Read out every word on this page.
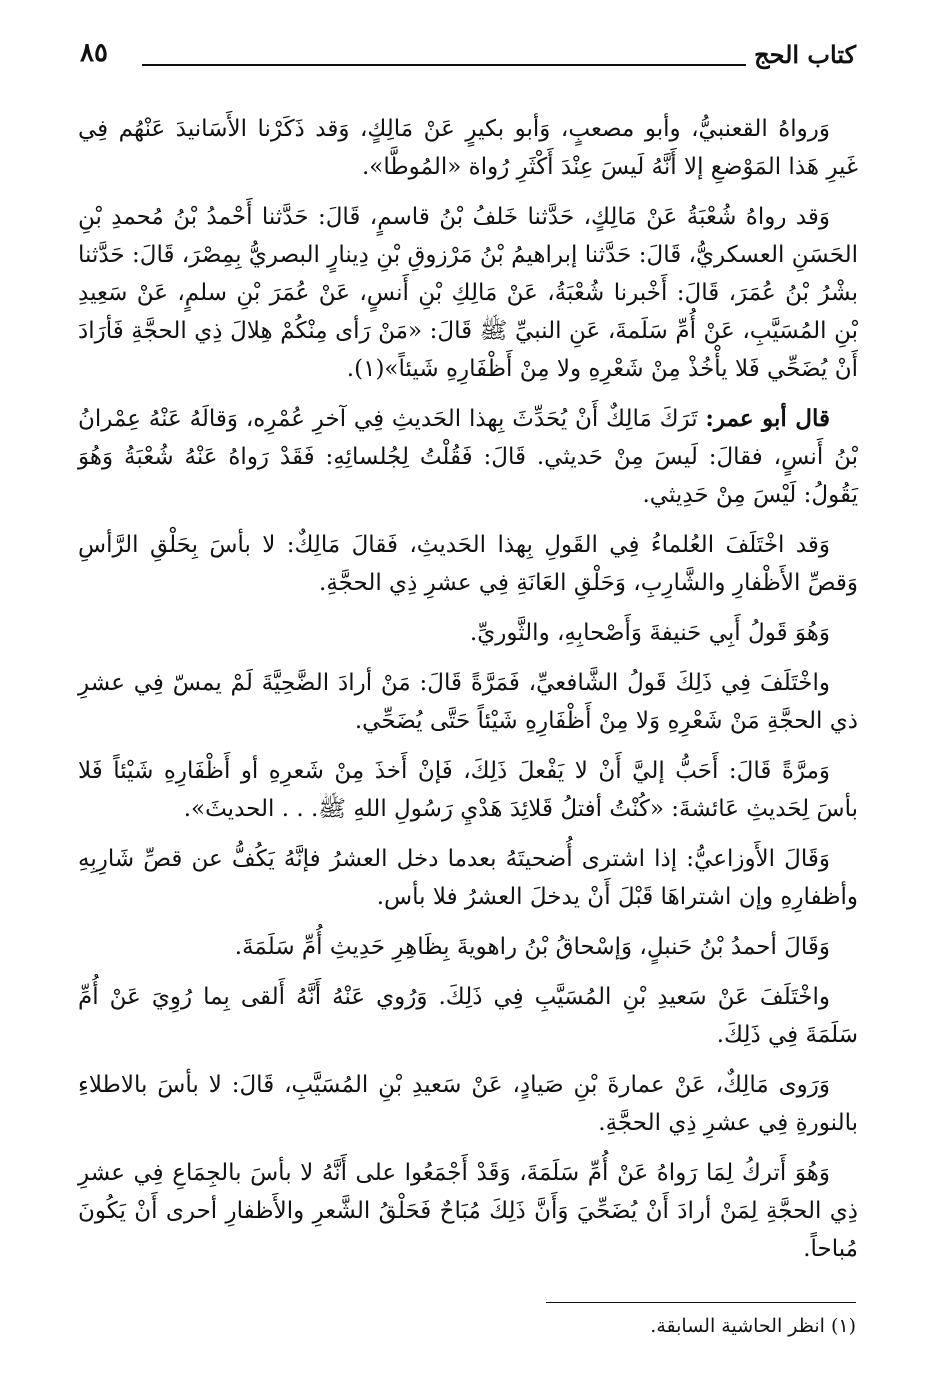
كتاب الحج
٨٥

وَرواهُ القعنبيُّ، وأبو مصعبٍ، وَأبو بكيرٍ عَنْ مَالِكٍ، وَقد ذَكَرْنا الأَسَانيدَ عَنْهُم فِي غَيرِ هَذا المَوْضعِ إلا أَنَّهُ لَيسَ عِنْدَ أَكْثَرِ رُواة «المُوطَّا».

وَقد رواهُ شُعْبَةُ عَنْ مَالِكٍ، حَدَّثنا خَلفُ بْنُ قاسمٍ، قَالَ: حَدَّثنا أَحْمدُ بْنُ مُحمدِ بْنِ الحَسَنِ العسكريُّ، قَالَ: حَدَّثنا إبراهيمُ بْنُ مَرْزوقِ بْنِ دِينارٍ البصريُّ بِمِصْرَ، قَالَ: حَدَّثنا بشْرُ بْنُ عُمَرَ، قَالَ: أَخْبرنا شُعْبَةُ، عَنْ مَالِكِ بْنِ أَنسٍ، عَنْ عُمَرَ بْنِ سلمٍ، عَنْ سَعِيدِ بْنِ المُسَيَّبِ، عَنْ أُمِّ سَلَمةَ، عَنِ النبيِّ ﷺ قَالَ: «مَنْ رَأى مِنْكُمْ هِلالَ ذِي الحجَّةِ فَأرَادَ أَنْ يُضَحِّي فَلا يأْخُذْ مِنْ شَعْرِهِ ولا مِنْ أَظْفَارِهِ شَيئاً»(١).

قال أبو عمر: تَرَكَ مَالِكٌ أَنْ يُحَدِّثَ بِهذا الحَديثِ فِي آخرِ عُمْرِه، وَقالَهُ عَنْهُ عِمْرانُ بْنُ أَنسٍ، فقالَ: لَيسَ مِنْ حَديثي. قَالَ: فَقُلْتُ لِجُلسائِهِ: فَقَدْ رَواهُ عَنْهُ شُعْبَةُ وَهُوَ يَقُولُ: لَيْسَ مِنْ حَدِيثي.

وَقد اخْتَلَفَ العُلماءُ فِي القَولِ بِهذا الحَديثِ، فَقالَ مَالِكٌ: لا بأسَ بِحَلْقِ الرَّأسِ وَقصِّ الأَظْفارِ والشَّارِبِ، وَحَلْقِ العَانَةِ فِي عشرِ ذِي الحجَّةِ.

وَهُوَ قَولُ أَبِي حَنيفةَ وَأَصْحابِهِ، والثَّوريِّ.

واخْتَلَفَ فِي ذَلِكَ قَولُ الشَّافعيِّ، فَمَرَّةً قَالَ: مَنْ أرادَ الضَّحِيَّةَ لَمْ يمسّ فِي عشرِ ذي الحجَّةِ مَنْ شَعْرِهِ وَلا مِنْ أَظْفَارِهِ شَيْئاً حَتَّى يُضَحِّي.

وَمرَّةً قَالَ: أَحَبُّ إليَّ أَنْ لا يَفْعلَ ذَلِكَ، فَإنْ أَخذَ مِنْ شَعرِهِ أو أَظْفَارِهِ شَيْئاً فَلا بأسَ لِحَديثِ عَائشةَ: «كُنْتُ أفتلُ قَلائِدَ هَدْيِ رَسُولِ اللهِ ﷺ. . . الحديثَ».

وَقَالَ الأَوزاعيُّ: إذا اشترى أُضحيتَهُ بعدما دخل العشرُ فإنَّهُ يَكُفُّ عن قصِّ شَارِبِهِ وأظفارِهِ وإن اشتراهَا قَبْلَ أَنْ يدخلَ العشرُ فلا بأس.

وَقَالَ أحمدُ بْنُ حَنبلٍ، وَإسْحاقُ بْنُ راهويةَ بِظَاهِرِ حَدِيثِ أُمِّ سَلَمَةَ.

واخْتَلَفَ عَنْ سَعيدِ بْنِ المُسَيَّبِ فِي ذَلِكَ. وَرُوي عَنْهُ أَنَّهُ أَلقى بِما رُوِيَ عَنْ أُمِّ سَلَمَةَ فِي ذَلِكَ.

وَرَوى مَالِكٌ، عَنْ عمارةَ بْنِ صَيادٍ، عَنْ سَعيدِ بْنِ المُسَيَّبِ، قَالَ: لا بأسَ بالاطلاءِ بالنورةِ فِي عشرِ ذِي الحجَّةِ.

وَهُوَ أَتركُ لِمَا رَواهُ عَنْ أُمِّ سَلَمَةَ، وَقَدْ أَجْمَعُوا على أَنَّهُ لا بأسَ بالجِمَاعِ فِي عشرِ ذِي الحجَّةِ لِمَنْ أرادَ أَنْ يُضَحِّيَ وَأَنَّ ذَلِكَ مُبَاحٌ فَحَلْقُ الشَّعرِ والأَظفارِ أحرى أَنْ يَكُونَ مُباحاً.

(١) انظر الحاشية السابقة.
